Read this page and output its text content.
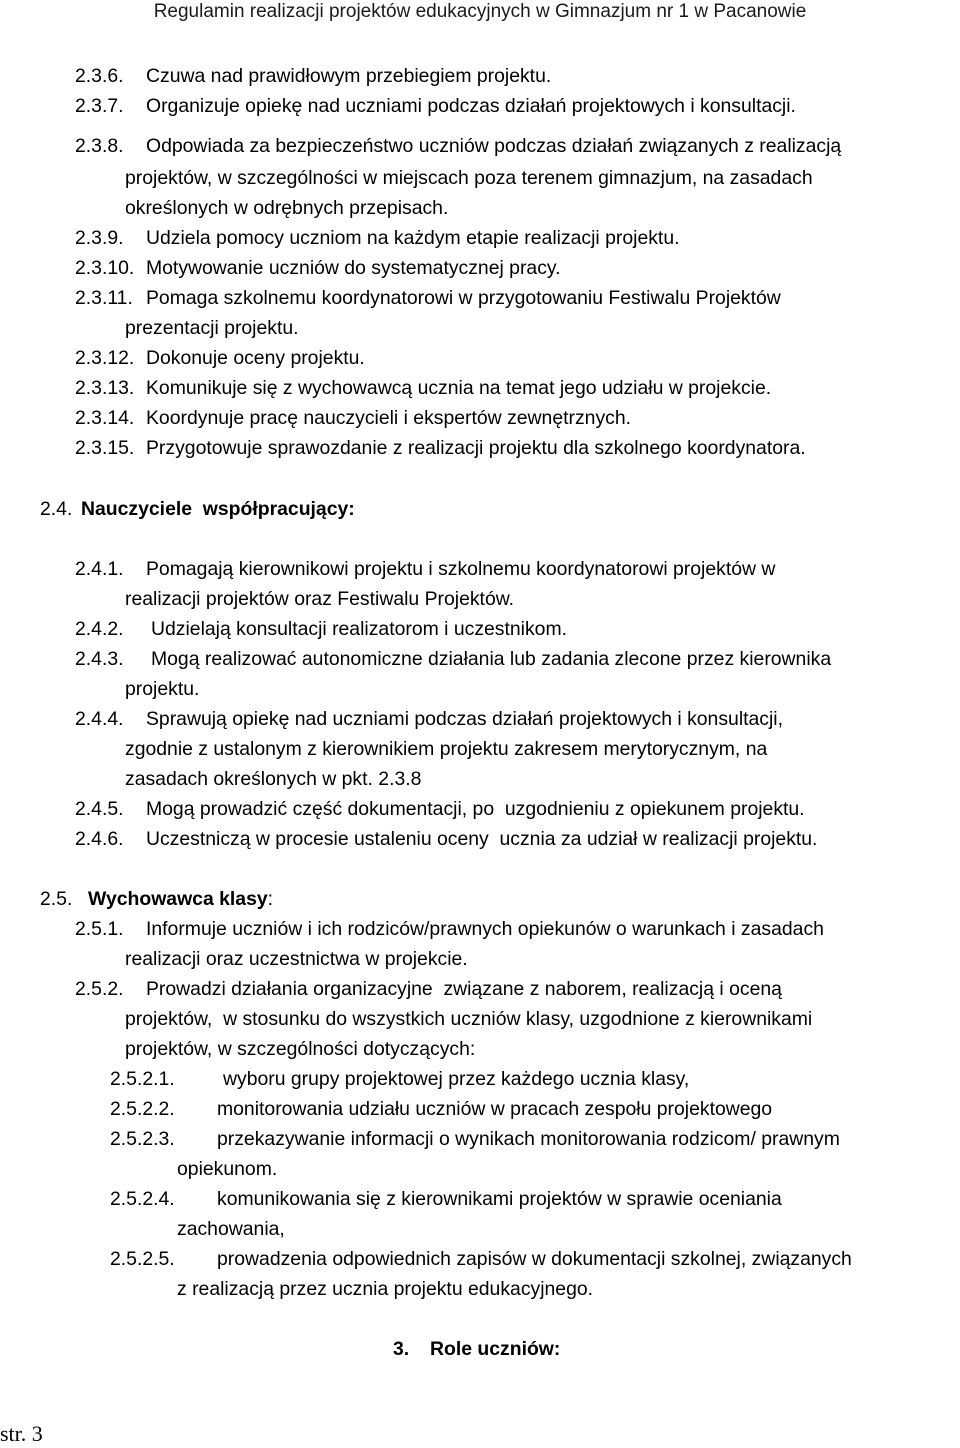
Regulamin realizacji projektów edukacyjnych w Gimnazjum nr 1 w Pacanowie
2.3.6. Czuwa nad prawidłowym przebiegiem projektu.
2.3.7. Organizuje opiekę nad uczniami podczas działań projektowych i konsultacji.
2.3.8. Odpowiada za bezpieczeństwo uczniów podczas działań związanych z realizacją
projektów, w szczególności w miejscach poza terenem gimnazjum, na zasadach
określonych w odrębnych przepisach.
2.3.9. Udziela pomocy uczniom na każdym etapie realizacji projektu.
2.3.10. Motywowanie uczniów do systematycznej pracy.
2.3.11. Pomaga szkolnemu koordynatorowi w przygotowaniu Festiwalu Projektów
prezentacji projektu.
2.3.12. Dokonuje oceny projektu.
2.3.13. Komunikuje się z wychowawcą ucznia na temat jego udziału w projekcie.
2.3.14. Koordynuje pracę nauczycieli i ekspertów zewnętrznych.
2.3.15. Przygotowuje sprawozdanie z realizacji projektu dla szkolnego koordynatora.
2.4. Nauczyciele  współpracujący:
2.4.1. Pomagają kierownikowi projektu i szkolnemu koordynatorowi projektów w
realizacji projektów oraz Festiwalu Projektów.
2.4.2. Udzielają konsultacji realizatorom i uczestnikom.
2.4.3. Mogą realizować autonomiczne działania lub zadania zlecone przez kierownika
projektu.
2.4.4. Sprawują opiekę nad uczniami podczas działań projektowych i konsultacji,
zgodnie z ustalonym z kierownikiem projektu zakresem merytorycznym, na
zasadach określonych w pkt. 2.3.8
2.4.5. Mogą prowadzić część dokumentacji, po  uzgodnieniu z opiekunem projektu.
2.4.6. Uczestniczą w procesie ustaleniu oceny  ucznia za udział w realizacji projektu.
2.5. Wychowawca klasy:
2.5.1. Informuje uczniów i ich rodziców/prawnych opiekunów o warunkach i zasadach
realizacji oraz uczestnictwa w projekcie.
2.5.2. Prowadzi działania organizacyjne  związane z naborem, realizacją i oceną
projektów,  w stosunku do wszystkich uczniów klasy, uzgodnione z kierownikami
projektów, w szczególności dotyczących:
2.5.2.1. wyboru grupy projektowej przez każdego ucznia klasy,
2.5.2.2. monitorowania udziału uczniów w pracach zespołu projektowego
2.5.2.3. przekazywanie informacji o wynikach monitorowania rodzicom/ prawnym
opiekunom.
2.5.2.4. komunikowania się z kierownikami projektów w sprawie oceniania
zachowania,
2.5.2.5. prowadzenia odpowiednich zapisów w dokumentacji szkolnej, związanych
z realizacją przez ucznia projektu edukacyjnego.
3. Role uczniów:
str. 3
